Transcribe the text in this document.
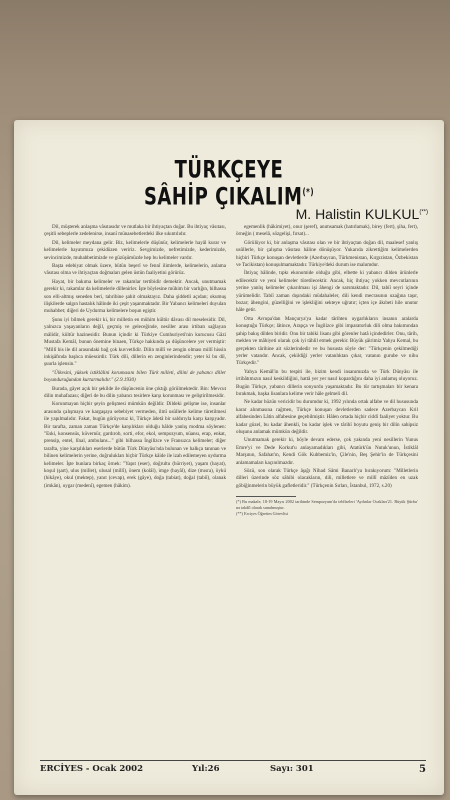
TÜRKÇEYE
SÂHİP ÇIKALIM(*)
M. Halistin KULKUL(**)

Dil, müşterek anlaşma vâsıtasıdır ve mutlaka bir ihtiyaçtan doğar. Bu ihtiyaç vâsıtası, çeşitli sebeplerle zedelenirse, insanî münasebetlerdeki ilke sıkıntılıdır.

Dil, kelimeler meydana gelir. Biz, kelimelerle düşünür, kelimelerle hayâl kurar ve kelimelerle hayatımıza çekidüzen veririz. Sevgimizde, nefretimizde, kederimizde, sevincimizde, muhabbetimizde ve güzüşümüzde hep bu kelimeler vardır.

Başta edebiyat olmak üzere, bütün beşerî ve fennî ilimlerde, kelimelerin, anlama vâsıtası olma ve ihtiyaçtan doğmaları gelen üstün faaliyetini görürüz.

Hayat, bir bakıma kelimeler ve rakamlar tertibidir demektir. Ancak, unutmamak gerekir ki, rakamlar da kelimelerle dillenirler. İşte böylesine mühim bir varlığın, bilhassa son elli-altmış seneden beri, tahribine şahit olmaktayız. Daha şiddetli açıdan; okumuş ilişkilerde salgın hastalık hâlinde iki çeşit yaşanmaktadır. Bir Yabancı kelimeleri duyulan muhabbet; diğeri de Uydurma kelimelere boşun egiştir.

Şunu iyi bilmek gerekir ki, bir milletin en mühim kültür dâvası dil meselesidir. Dil, yalnızca yaşayanların değil, geçmiş ve geleceğinde, nesiller arası irtibatı sağlayan mâlidir, kültür hazinesidir. Bunun içindir ki Türkiye Cumhuriyeti'nin kurucusu Gâzi Mustafa Kemâl, bunun önemine binaen, Türkçe hakkında şu düşüncelere yer vermiştir: "Millî his ile dil arasındaki bağ çok kuvvetlidir. Dilin millî ve zengin olması millî hissin inkişâfında başlıca müessirdir. Türk dili, dillerin en zenginlerindendir; yeter ki bu dil, şuurla işlensin."

"Ülkesini, yüksek istiklâlini korumasını bilen Türk milleti, dilini de yabancı diller boyunduruğundan kurtarmalıdır." (2.9.1930)

Burada, gâyet açık bir şekilde ile düşüncenin öne çıktığı görülmektedir. Bin: Mevcut dilin muhafazası; diğeri de bu dilin yabancı tesirlere karşı korunması ve geliştirilmesidir.

Korunmayan hiçbir şeyin gelişmesi mümkün değildir. Dildeki gelişme ise, insanlar arasında çalışmaya ve kargaşaya sebebiyet vermeden, ilmî usûllerle kelime türetilmesi ile yapılmalıdır. Fakat, bugün görüyoruz ki, Türkçe âdetâ bir saldırıyla karşı karşıyadır. Bir tarafta, zaman zaman Türkçe'de karşılıkları olduğu hâlde yanlış modma söylenen: "Eski, konsensüs, küvernür, gardırob, sorti, efor, ekol, sempozyum, nüansı, erap, enkat, prensip, entel, lînal, ambulans..." gibi bilhassa İngilizce ve Fransızca kelimeler; diğer tarafta, yine karşılıkları eserlerde bütün Türk Dünyâsı'nda bulunan ve halkça tanınan ve bilinen kelimelerin yerine, doğrulukları hiçbir Türkçe kâide ile izah edilemeyen uydurma kelimeler. İşte bunlara birkaç örnek: "Yapıt (eser), doğrultu (hürriyet), yaşam (hayat), koşul (şart), ulus (millet), ulusal (millî), önem (kolâl), imge (hayâl), dize (mısra), öykü (hikâye), okul (mektep), yanıt (cevap), erek (gâye), doğa (tabiat), doğal (tabiî), olanak (imkân), uygar (medenî), egemen (hâkim).

egemenlik (hâkimiyet), onur (şeref), anımsamak (hatırlamak), birey (fert), şiha, fert), örneğin ( meselâ, sözgelişi, fırsat)...

Görülüyor ki, bir anlaşma vâsıtası olan ve bir ihtiyaçtan doğan dil, maalesef yanlış usûllerle, bir çalışma vâsıtası hâline dönüşüyor. Yukarıda zikrettiğim kelimelerden hiçbiri Türkçe konuşan devletlerde (Azerbaycan, Türkmenistan, Kırgızistan, Özbekistan ve Tacikistan) konuşulmamaktadır. Türkiye'deki durum ise malumdur.

İhtiyaç hâlinde, tıpkı ekonomide olduğu gibi, elbette ki yabancı dilden ürünlerle edilecektir ve yeni kelimeler türetilecektir. Ancak, hiç ihtiyaç yokken mevcutlarının yerine yanlış kelimeler çıkarılması işi âhengi de sarsmaktadır. Dil, tabiî seyri içinde yürümelidir. Tabiî zaman dışındaki müdahaleler, dili kendi mecrasının uzağına taşır, bozar; âhengini, güzelliğini ve işlekliğini sekteye uğratır; içten içe âkıbeti hile unutur hâle getir.

Orta Avrupa'dan Mançurya'ya kadar târihten uygarlıkların insanın aralarda konuştuğu Türkçe; lâtince, Arapça ve İngilizce gibi imparatorluk dili olma bakımından şahip bakış dilden biridir. Onu bir tabiki lisanı gibi görenler hatâ içindedirler. Onu, târih, meklen ve mâhiyeti olarak çok iyi tâhlil etmek gerekir. Büyük şâirimiz Yahya Kemal, bu gerçekten târihine ait sözlerindedir ve bu hususta söyle der: "Türkçenin çekilmediği yerler vatandır. Ancak, çekildiği yerler vatanlıktan çıkar, vatanın gurube ve nihu Türkçedir."

Yahya Kemâl'in bu tespiti ile, bizim kendi insanımızda ve Türk Dünyâsı ile irtibâtımızın nasıl keskildiğini, hattâ yer yer nasıl kopardığını daha iyi anlamış oluyoruz. Bugün Türkçe, yabancı dillerin sonyurdu yaşamaktadır. Bu tür tartışmaları bir kenara bırakmak, başka lisanlara kelime verir hâle gelmeli dil.

Ne kadar hüzün vericidir bu durumdur ki, 1992 yılında ortak alfabe ve dil hususunda karar alınmasına rağmen, Türkçe konuşan devletlerden sadece Azerbaycan Kril alfabesinden Lâtin alfabesine geçebilmiştir. Hâlen ortada hiçbir ciddî faaliyet yoktur. Bu kadar güzel, bu kadar âhenkli, bu kadar işlek ve târihî boyutu geniş bir dilin sahipsiz oluşunu anlamak mümkün değildir.

Unutmamak gerekir ki, böyle devam ederse, çok yakında yeni nesillerin Yunus Emre'yi ve Dede Korkut'u anlayamadıkları gibi, Atatürk'ün Nutuk'unun, İstiklâl Marşının, Safahat'ın, Kendi Gök Kubbemiz'in, Çile'nin, Beş Şehir'in de Türkçesini anlamamaları kaçınılmazdır.

Sözü, son olarak Türkçe âşığı Nihad Sâmi Banarlı'ya bırakıyorum: "Milletlerin dilleri üzerinde söz sâhibi olacakların, dili, milletlere ve millî mâzîden en uzak göbiğinmelerin büyük gafletleridir." (Türkçenin Sırları, İstanbul, 1972, s.20)

(*) Bu makale, 18-19 Mayıs 2002 tarihinde Sempozyum'da teblîseleri 'Aydınlar Ocakları'21. Büyük Şûrâsı' na takdîl olarak sunulmuştur.

(**) Erciyes Öğretim Görevlisi

ERCİYES - Ocak 2002	Yıl:26	Sayı: 301	5
